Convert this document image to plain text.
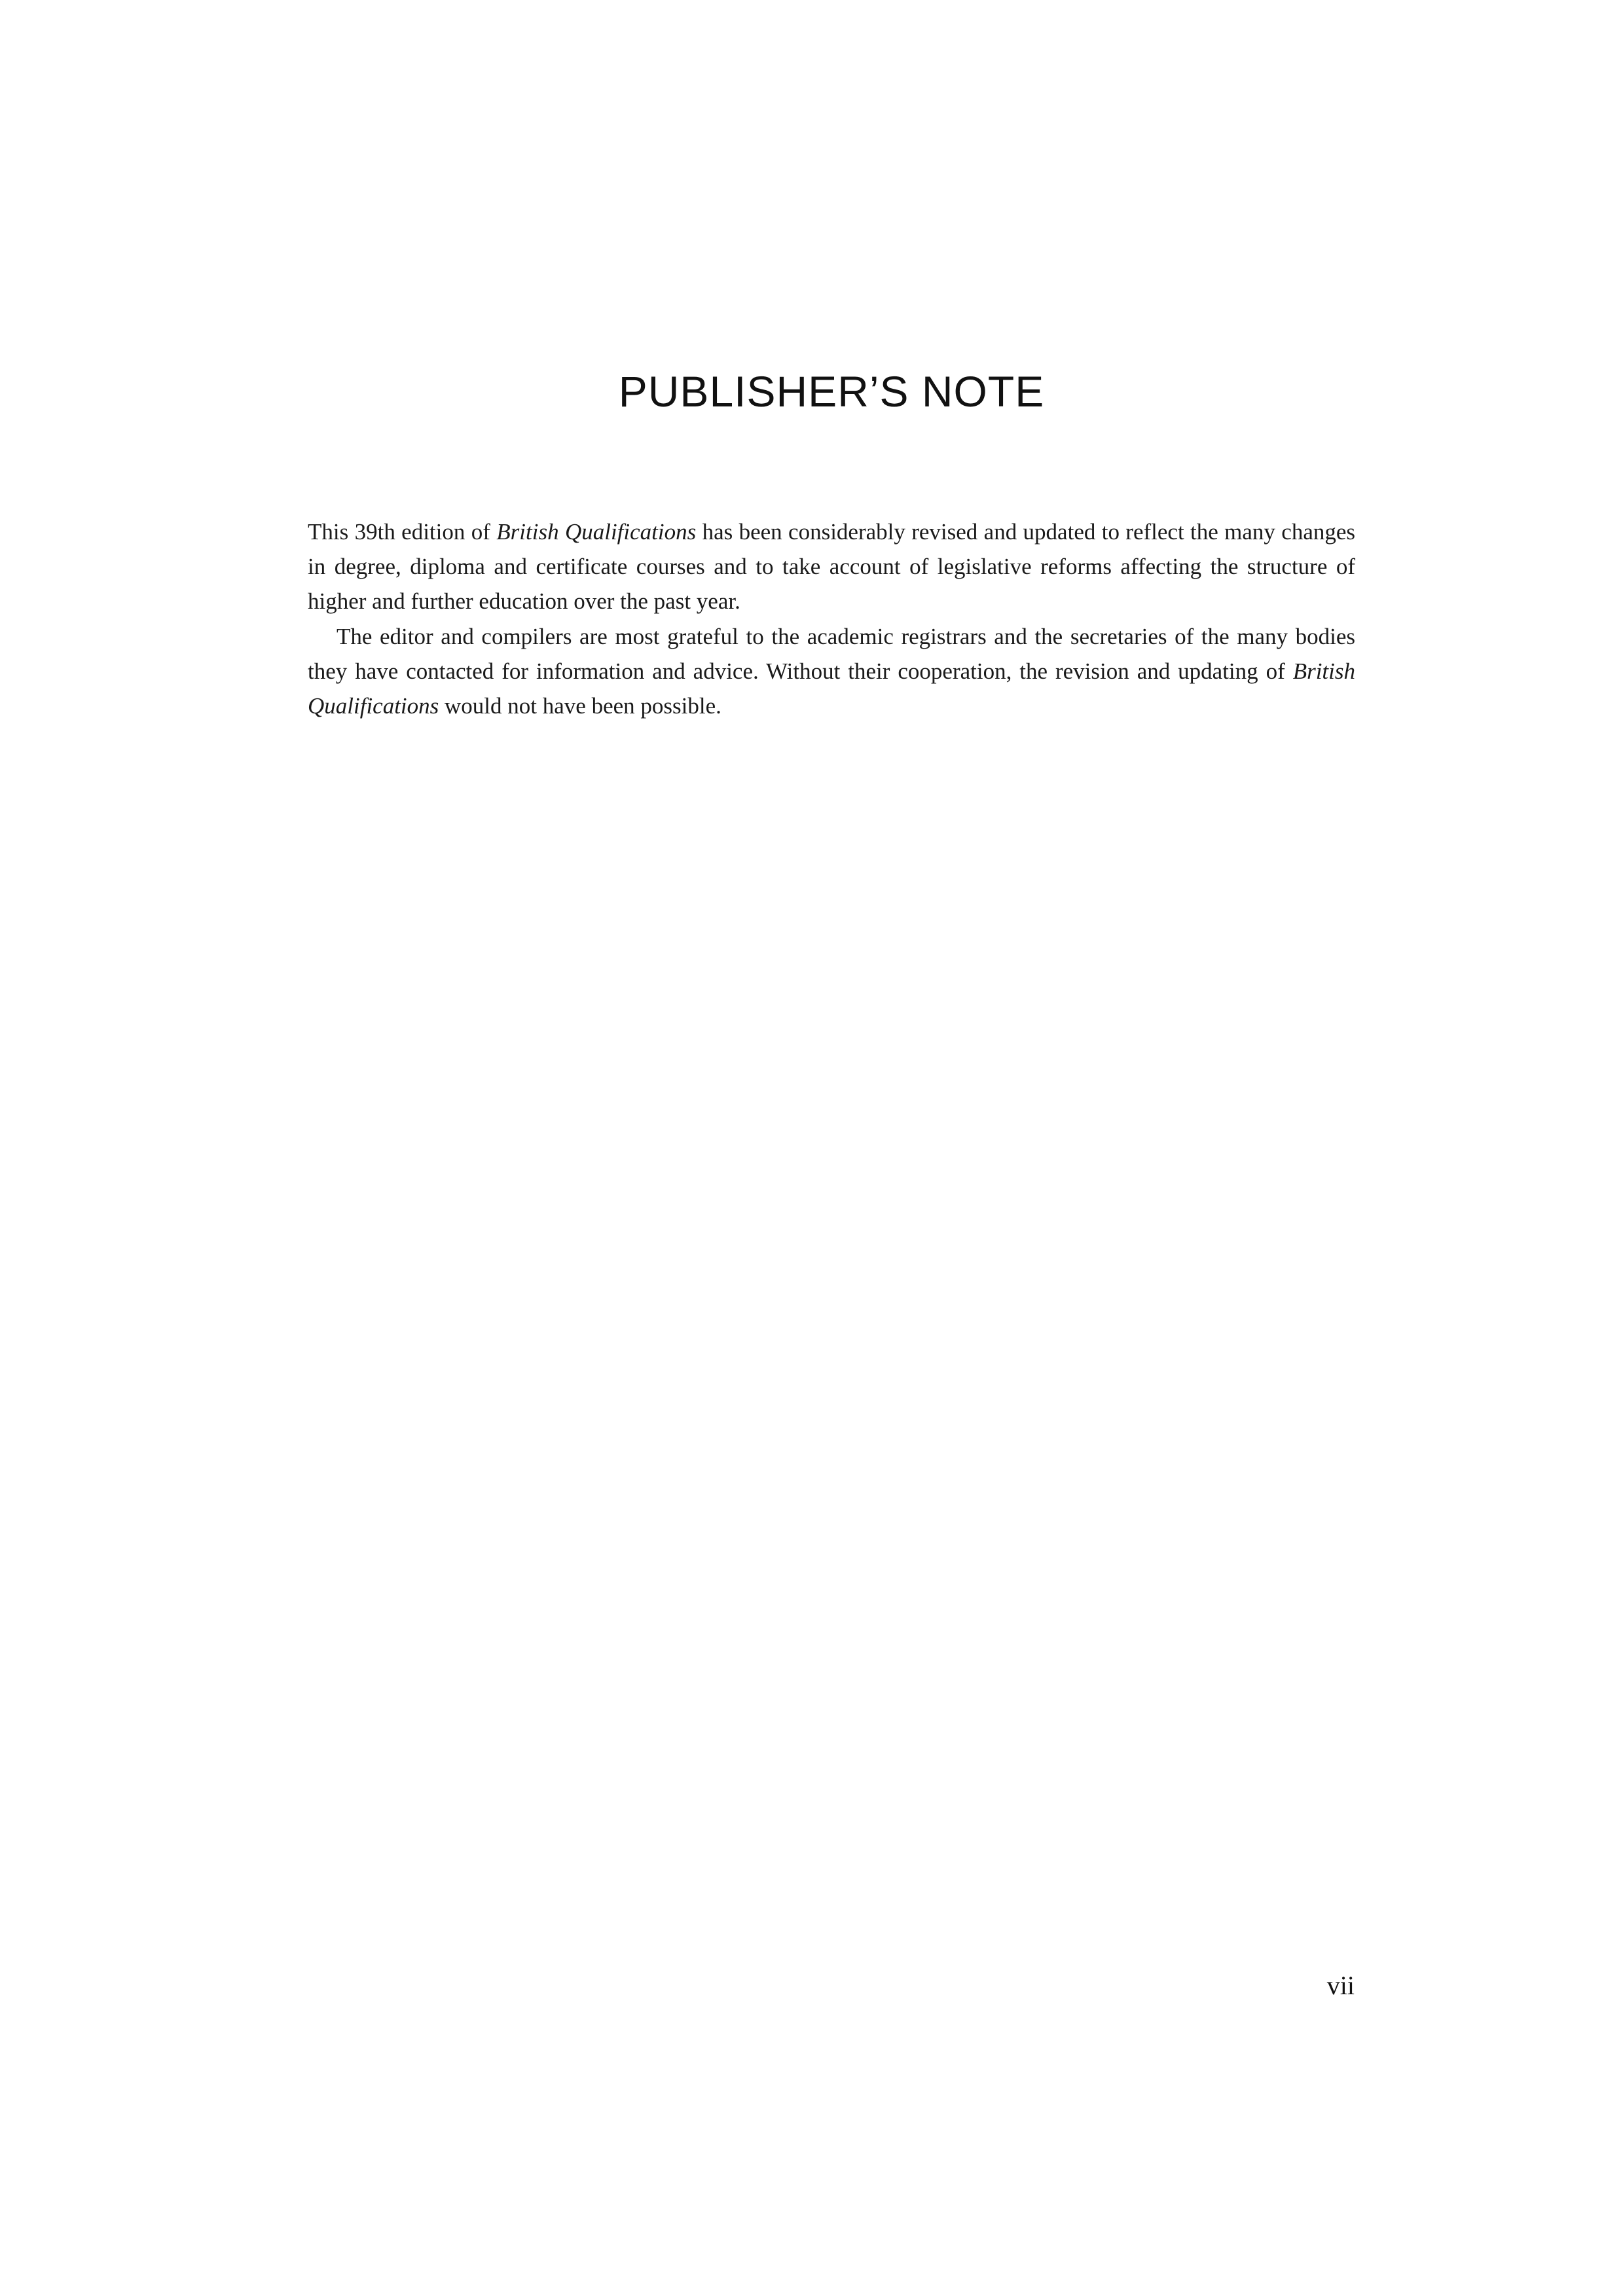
PUBLISHER’S NOTE

This 39th edition of British Qualifications has been considerably revised and updated to reflect the many changes in degree, diploma and certificate courses and to take account of legislative reforms affecting the structure of higher and further education over the past year.

The editor and compilers are most grateful to the academic registrars and the secretaries of the many bodies they have contacted for information and advice. Without their cooperation, the revision and updating of British Qualifications would not have been possible.

vii
